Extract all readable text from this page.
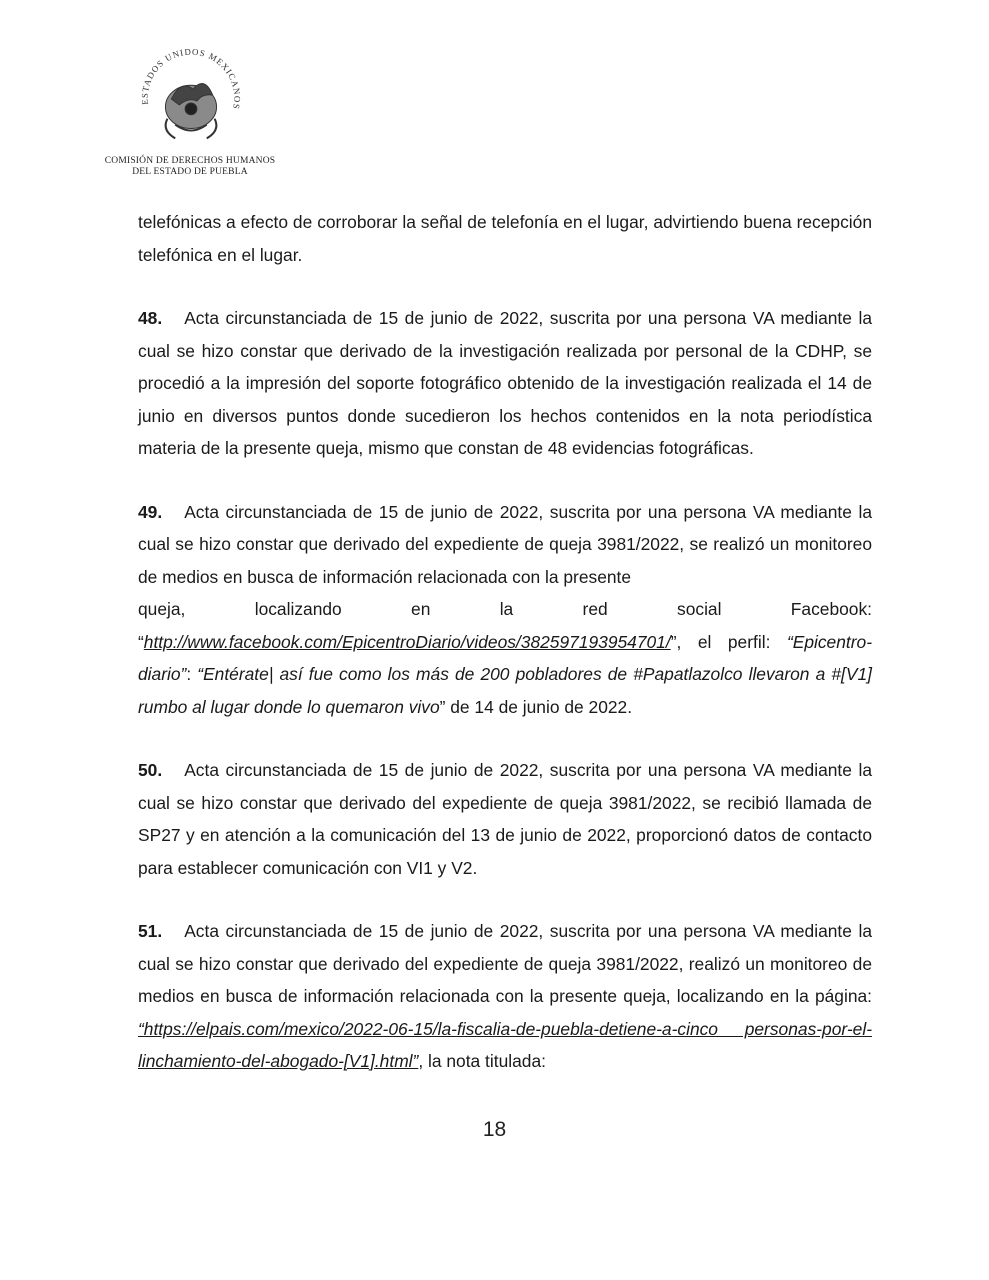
ESTADOS UNIDOS MEXICANOS
COMISIÓN DE DERECHOS HUMANOS
DEL ESTADO DE PUEBLA

telefónicas a efecto de corroborar la señal de telefonía en el lugar, advirtiendo buena recepción telefónica en el lugar.

48. Acta circunstanciada de 15 de junio de 2022, suscrita por una persona VA mediante la cual se hizo constar que derivado de la investigación realizada por personal de la CDHP, se procedió a la impresión del soporte fotográfico obtenido de la investigación realizada el 14 de junio en diversos puntos donde sucedieron los hechos contenidos en la nota periodística materia de la presente queja, mismo que constan de 48 evidencias fotográficas.

49. Acta circunstanciada de 15 de junio de 2022, suscrita por una persona VA mediante la cual se hizo constar que derivado del expediente de queja 3981/2022, se realizó un monitoreo de medios en busca de información relacionada con la presente
queja, localizando en la red social Facebook:
“http://www.facebook.com/EpicentroDiario/videos/382597193954701/”, el perfil: “Epicentro-diario”: “Entérate| así fue como los más de 200 pobladores de #Papatlazolco llevaron a #[V1] rumbo al lugar donde lo quemaron vivo” de 14 de junio de 2022.

50. Acta circunstanciada de 15 de junio de 2022, suscrita por una persona VA mediante la cual se hizo constar que derivado del expediente de queja 3981/2022, se recibió llamada de SP27 y en atención a la comunicación del 13 de junio de 2022, proporcionó datos de contacto para establecer comunicación con VI1 y V2.

51. Acta circunstanciada de 15 de junio de 2022, suscrita por una persona VA mediante la cual se hizo constar que derivado del expediente de queja 3981/2022, realizó un monitoreo de medios en busca de información relacionada con la presente queja, localizando en la página: “https://elpais.com/mexico/2022-06-15/la-fiscalia-de-puebla-detiene-a-cinco personas-por-el-linchamiento-del-abogado-[V1].html”, la nota titulada:

18
